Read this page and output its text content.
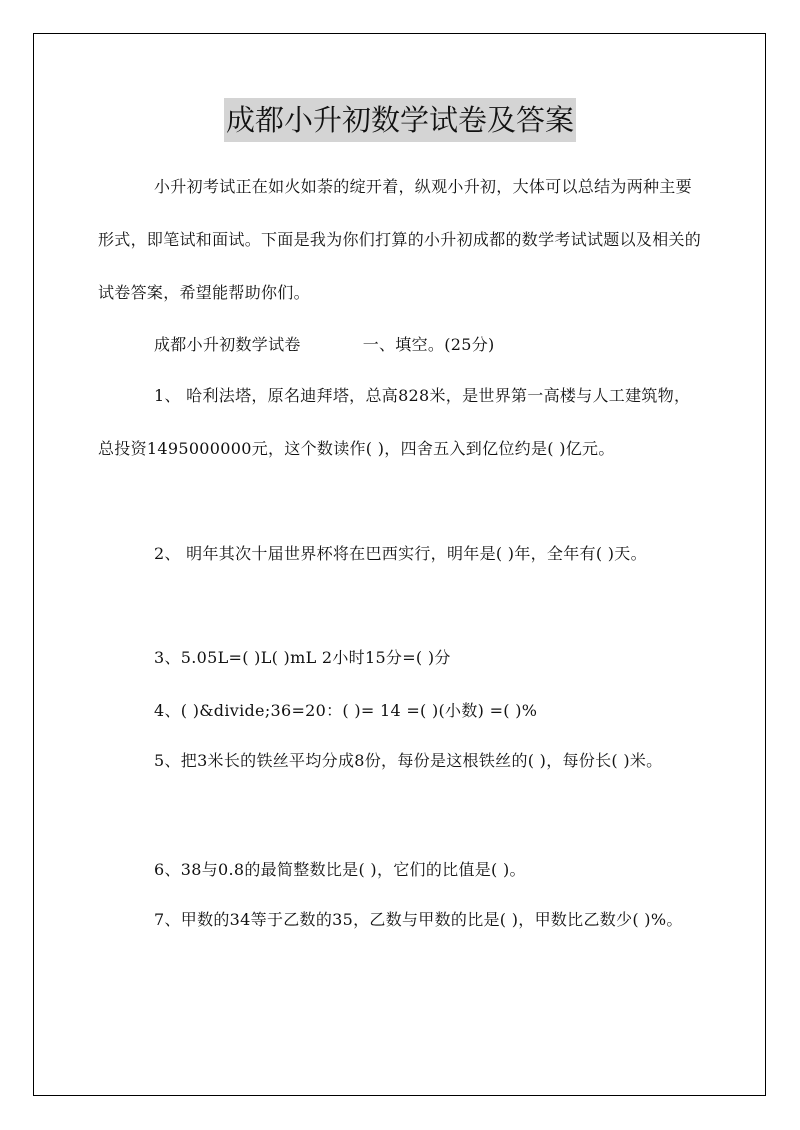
成都小升初数学试卷及答案

小升初考试正在如火如荼的绽开着，纵观小升初，大体可以总结为两种主要形式，即笔试和面试。下面是我为你们打算的小升初成都的数学考试试题以及相关的试卷答案，希望能帮助你们。

成都小升初数学试卷	一、填空。(25分)

1、 哈利法塔，原名迪拜塔，总高828米，是世界第一高楼与人工建筑物，总投资1495000000元，这个数读作( )，四舍五入到亿位约是( )亿元。

2、 明年其次十届世界杯将在巴西实行，明年是( )年，全年有( )天。

3、5.05L=( )L( )mL 2小时15分=( )分

4、( )&divide;36=20：( )= 14 =( )(小数) =( )%

5、把3米长的铁丝平均分成8份，每份是这根铁丝的( )，每份长( )米。

6、38与0.8的最简整数比是( )，它们的比值是( )。

7、甲数的34等于乙数的35，乙数与甲数的比是( )，甲数比乙数少( )%。
